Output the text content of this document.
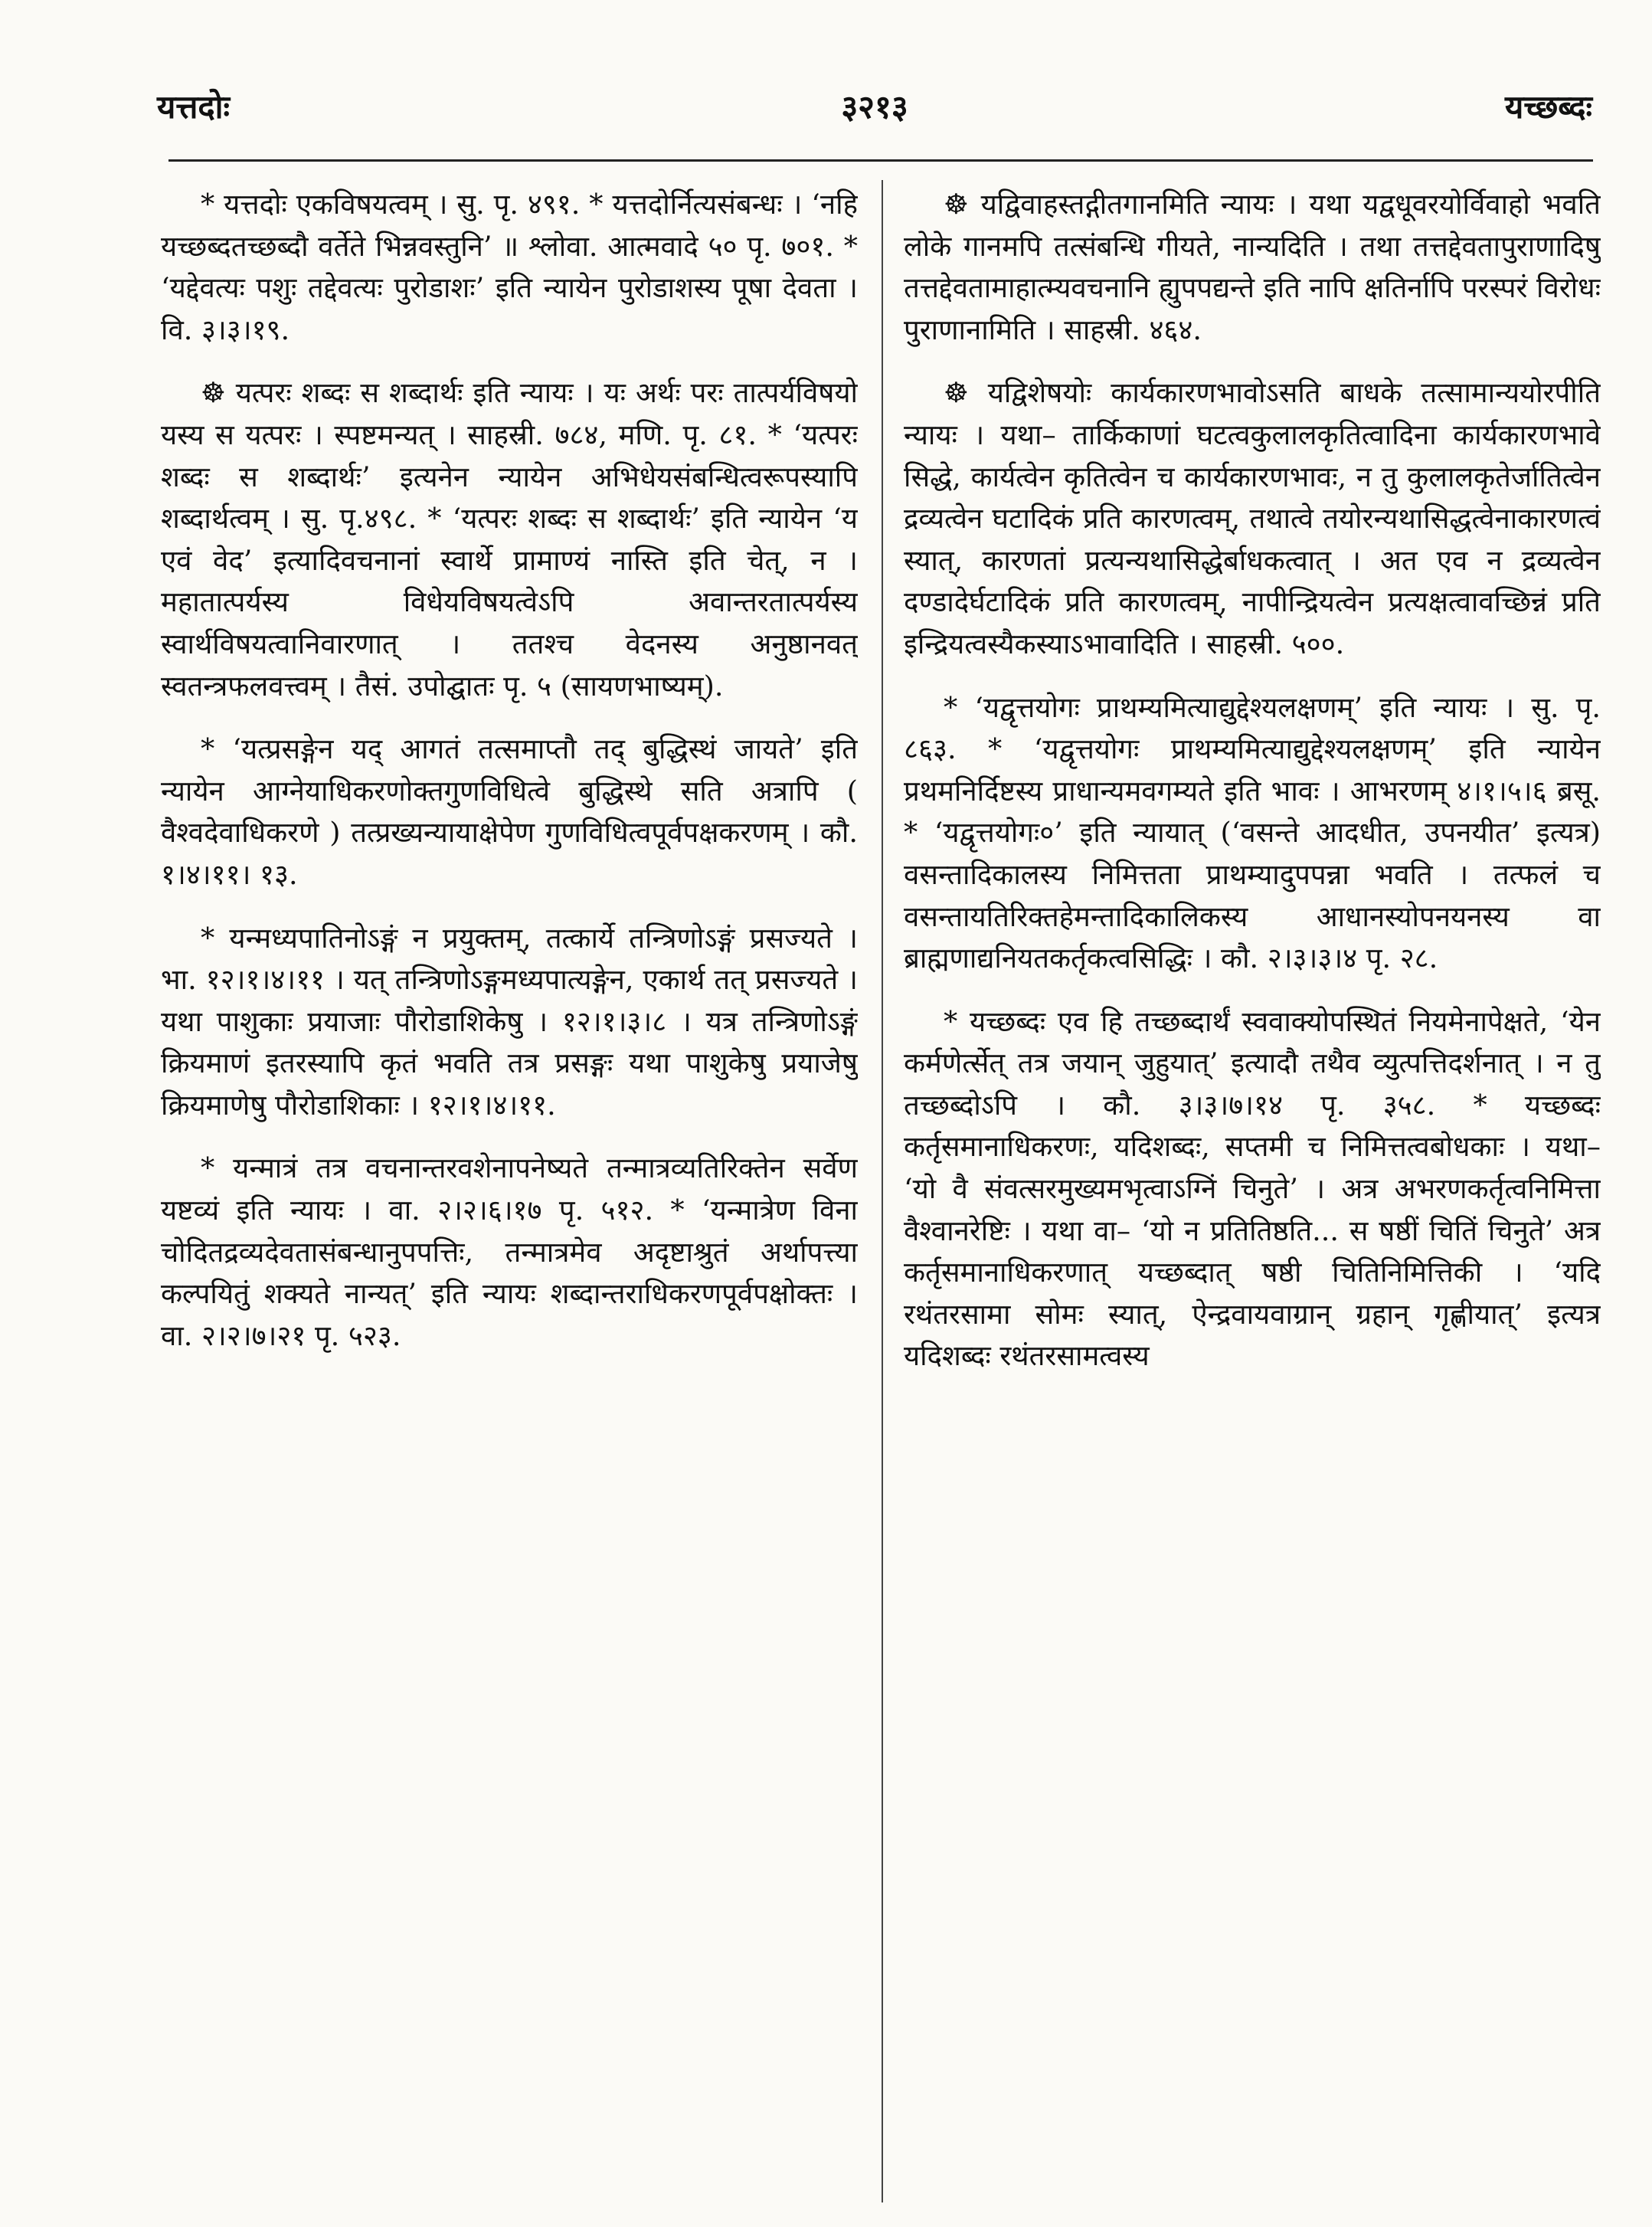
यत्तदोः	३२१३	यच्छब्दः

* यत्तदोः एकविषयत्वम् । सु. पृ. ४९१. * यत्तदोर्नित्यसंबन्धः । ‘नहि यच्छब्दतच्छब्दौ वर्तेते भिन्नवस्तुनि’ ॥ श्लोवा. आत्मवादे ५० पृ. ७०१. * ‘यद्देवत्यः पशुः तद्देवत्यः पुरोडाशः’ इति न्यायेन पुरोडाशस्य पूषा देवता । वि. ३।३।१९.

☸ यत्परः शब्दः स शब्दार्थः इति न्यायः । यः अर्थः परः तात्पर्यविषयो यस्य स यत्परः । स्पष्टमन्यत् । साहस्री. ७८४, मणि. पृ. ८१. * ‘यत्परः शब्दः स शब्दार्थः’ इत्यनेन न्यायेन अभिधेयसंबन्धित्वरूपस्यापि शब्दार्थत्वम् । सु. पृ.४९८. * ‘यत्परः शब्दः स शब्दार्थः’ इति न्यायेन ‘य एवं वेद’ इत्यादिवचनानां स्वार्थे प्रामाण्यं नास्ति इति चेत्, न । महातात्पर्यस्य विधेयविषयत्वेऽपि अवान्तरतात्पर्यस्य स्वार्थविषयत्वानिवारणात् । ततश्च वेदनस्य अनुष्ठानवत् स्वतन्त्रफलवत्त्वम् । तैसं. उपोद्घातः पृ. ५ (सायणभाष्यम्).

* ‘यत्प्रसङ्गेन यद् आगतं तत्समाप्तौ तद् बुद्धिस्थं जायते’ इति न्यायेन आग्नेयाधिकरणोक्तगुणविधित्वे बुद्धिस्थे सति अत्रापि ( वैश्वदेवाधिकरणे ) तत्प्रख्यन्यायाक्षेपेण गुणविधित्वपूर्वपक्षकरणम् । कौ. १।४।११। १३.

* यन्मध्यपातिनोऽङ्गं न प्रयुक्तम्, तत्कार्ये तन्त्रिणोऽङ्गं प्रसज्यते । भा. १२।१।४।११ । यत् तन्त्रिणोऽङ्गमध्यपात्यङ्गेन, एकार्थ तत् प्रसज्यते । यथा पाशुकाः प्रयाजाः पौरोडाशिकेषु । १२।१।३।८ । यत्र तन्त्रिणोऽङ्गं क्रियमाणं इतरस्यापि कृतं भवति तत्र प्रसङ्गः यथा पाशुकेषु प्रयाजेषु क्रियमाणेषु पौरोडाशिकाः । १२।१।४।११.

* यन्मात्रं तत्र वचनान्तरवशेनापनेष्यते तन्मात्रव्यतिरिक्तेन सर्वेण यष्टव्यं इति न्यायः । वा. २।२।६।१७ पृ. ५१२. * ‘यन्मात्रेण विना चोदितद्रव्यदेवतासंबन्धानुपपत्तिः, तन्मात्रमेव अदृष्टाश्रुतं अर्थापत्त्या कल्पयितुं शक्यते नान्यत्’ इति न्यायः शब्दान्तराधिकरणपूर्वपक्षोक्तः । वा. २।२।७।२१ पृ. ५२३.

☸ यद्विवाहस्तद्गीतगानमिति न्यायः । यथा यद्वधूवरयोर्विवाहो भवति लोके गानमपि तत्संबन्धि गीयते, नान्यदिति । तथा तत्तद्देवतापुराणादिषु तत्तद्देवतामाहात्म्यवचनानि ह्युपपद्यन्ते इति नापि क्षतिर्नापि परस्परं विरोधः पुराणानामिति । साहस्री. ४६४.

☸ यद्विशेषयोः कार्यकारणभावोऽसति बाधके तत्सामान्ययोरपीति न्यायः । यथा– तार्किकाणां घटत्वकुलालकृतित्वादिना कार्यकारणभावे सिद्धे, कार्यत्वेन कृतित्वेन च कार्यकारणभावः, न तु कुलालकृतेर्जातित्वेन द्रव्यत्वेन घटादिकं प्रति कारणत्वम्, तथात्वे तयोरन्यथासिद्धत्वेनाकारणत्वं स्यात्, कारणतां प्रत्यन्यथासिद्धेर्बाधकत्वात् । अत एव न द्रव्यत्वेन दण्डादेर्घटादिकं प्रति कारणत्वम्, नापीन्द्रियत्वेन प्रत्यक्षत्वावच्छिन्नं प्रति इन्द्रियत्वस्यैकस्याऽभावादिति । साहस्री. ५००.

* ‘यद्वृत्तयोगः प्राथम्यमित्याद्युद्देश्यलक्षणम्’ इति न्यायः । सु. पृ. ८६३. * ‘यद्वृत्तयोगः प्राथम्यमित्याद्युद्देश्यलक्षणम्’ इति न्यायेन प्रथमनिर्दिष्टस्य प्राधान्यमवगम्यते इति भावः । आभरणम् ४।१।५।६ ब्रसू. * ‘यद्वृत्तयोगः०’ इति न्यायात् (‘वसन्ते आदधीत, उपनयीत’ इत्यत्र) वसन्तादिकालस्य निमित्तता प्राथम्यादुपपन्ना भवति । तत्फलं च वसन्तायतिरिक्तहेमन्तादिकालिकस्य आधानस्योपनयनस्य वा ब्राह्मणाद्यनियतकर्तृकत्वसिद्धिः । कौ. २।३।३।४ पृ. २८.

* यच्छब्दः एव हि तच्छब्दार्थं स्ववाक्योपस्थितं नियमेनापेक्षते, ‘येन कर्मणेर्त्सेत् तत्र जयान् जुहुयात्’ इत्यादौ तथैव व्युत्पत्तिदर्शनात् । न तु तच्छब्दोऽपि । कौ. ३।३।७।१४ पृ. ३५८. * यच्छब्दः कर्तृसमानाधिकरणः, यदिशब्दः, सप्तमी च निमित्तत्वबोधकाः । यथा– ‘यो वै संवत्सरमुख्यमभृत्वाऽग्निं चिनुते’ । अत्र अभरणकर्तृत्वनिमित्ता वैश्वानरेष्टिः । यथा वा– ‘यो न प्रतितिष्ठति... स षष्ठीं चितिं चिनुते’ अत्र कर्तृसमानाधिकरणात् यच्छब्दात् षष्ठी चितिनिमित्तिकी । ‘यदि रथंतरसामा सोमः स्यात्, ऐन्द्रवायवाग्रान् ग्रहान् गृह्णीयात्’ इत्यत्र यदिशब्दः रथंतरसामत्वस्य
